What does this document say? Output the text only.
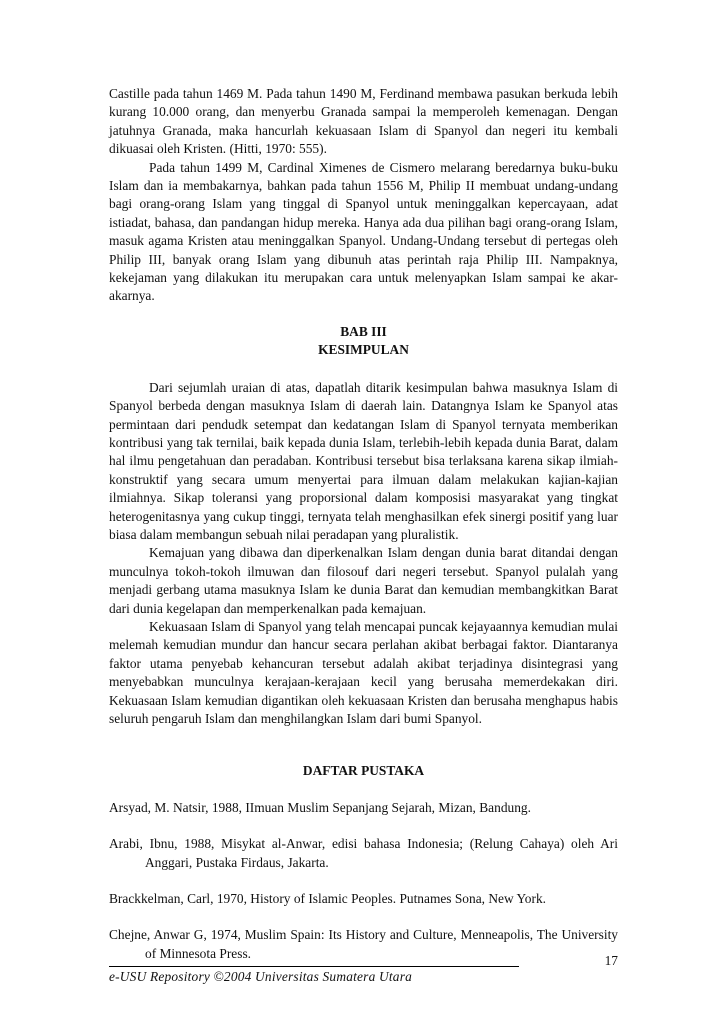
Castille pada tahun 1469 M. Pada tahun 1490 M, Ferdinand membawa pasukan berkuda lebih kurang 10.000 orang, dan menyerbu Granada sampai la memperoleh kemenagan. Dengan jatuhnya Granada, maka hancurlah kekuasaan Islam di Spanyol dan negeri itu kembali dikuasai oleh Kristen. (Hitti, 1970: 555).

Pada tahun 1499 M, Cardinal Ximenes de Cismero melarang beredarnya buku-buku Islam dan ia membakarnya, bahkan pada tahun 1556 M, Philip II membuat undang-undang bagi orang-orang Islam yang tinggal di Spanyol untuk meninggalkan kepercayaan, adat istiadat, bahasa, dan pandangan hidup mereka. Hanya ada dua pilihan bagi orang-orang Islam, masuk agama Kristen atau meninggalkan Spanyol. Undang-Undang tersebut di pertegas oleh Philip III, banyak orang Islam yang dibunuh atas perintah raja Philip III. Nampaknya, kekejaman yang dilakukan itu merupakan cara untuk melenyapkan Islam sampai ke akar-akarnya.

BAB III

KESIMPULAN

Dari sejumlah uraian di atas, dapatlah ditarik kesimpulan bahwa masuknya Islam di Spanyol berbeda dengan masuknya Islam di daerah lain. Datangnya Islam ke Spanyol atas permintaan dari pendudk setempat dan kedatangan Islam di Spanyol ternyata memberikan kontribusi yang tak ternilai, baik kepada dunia Islam, terlebih-lebih kepada dunia Barat, dalam hal ilmu pengetahuan dan peradaban. Kontribusi tersebut bisa terlaksana karena sikap ilmiah-konstruktif yang secara umum menyertai para ilmuan dalam melakukan kajian-kajian ilmiahnya. Sikap toleransi yang proporsional dalam komposisi masyarakat yang tingkat heterogenitasnya yang cukup tinggi, ternyata telah menghasilkan efek sinergi positif yang luar biasa dalam membangun sebuah nilai peradapan yang pluralistik.

Kemajuan yang dibawa dan diperkenalkan Islam dengan dunia barat ditandai dengan munculnya tokoh-tokoh ilmuwan dan filosouf dari negeri tersebut. Spanyol pulalah yang menjadi gerbang utama masuknya Islam ke dunia Barat dan kemudian membangkitkan Barat dari dunia kegelapan dan memperkenalkan pada kemajuan.

Kekuasaan Islam di Spanyol yang telah mencapai puncak kejayaannya kemudian mulai melemah kemudian mundur dan hancur secara perlahan akibat berbagai faktor. Diantaranya faktor utama penyebab kehancuran tersebut adalah akibat terjadinya disintegrasi yang menyebabkan munculnya kerajaan-kerajaan kecil yang berusaha memerdekakan diri. Kekuasaan Islam kemudian digantikan oleh kekuasaan Kristen dan berusaha menghapus habis seluruh pengaruh Islam dan menghilangkan Islam dari bumi Spanyol.

DAFTAR PUSTAKA

Arsyad, M. Natsir, 1988, IImuan Muslim Sepanjang Sejarah, Mizan, Bandung.

Arabi, Ibnu, 1988, Misykat al-Anwar, edisi bahasa Indonesia; (Relung Cahaya) oleh Ari Anggari, Pustaka Firdaus, Jakarta.

Brackkelman, Carl, 1970, History of Islamic Peoples. Putnames Sona, New York.

Chejne, Anwar G, 1974, Muslim Spain: Its History and Culture, Menneapolis, The University of Minnesota Press.	17
e-USU Repository ©2004 Universitas Sumatera Utara
